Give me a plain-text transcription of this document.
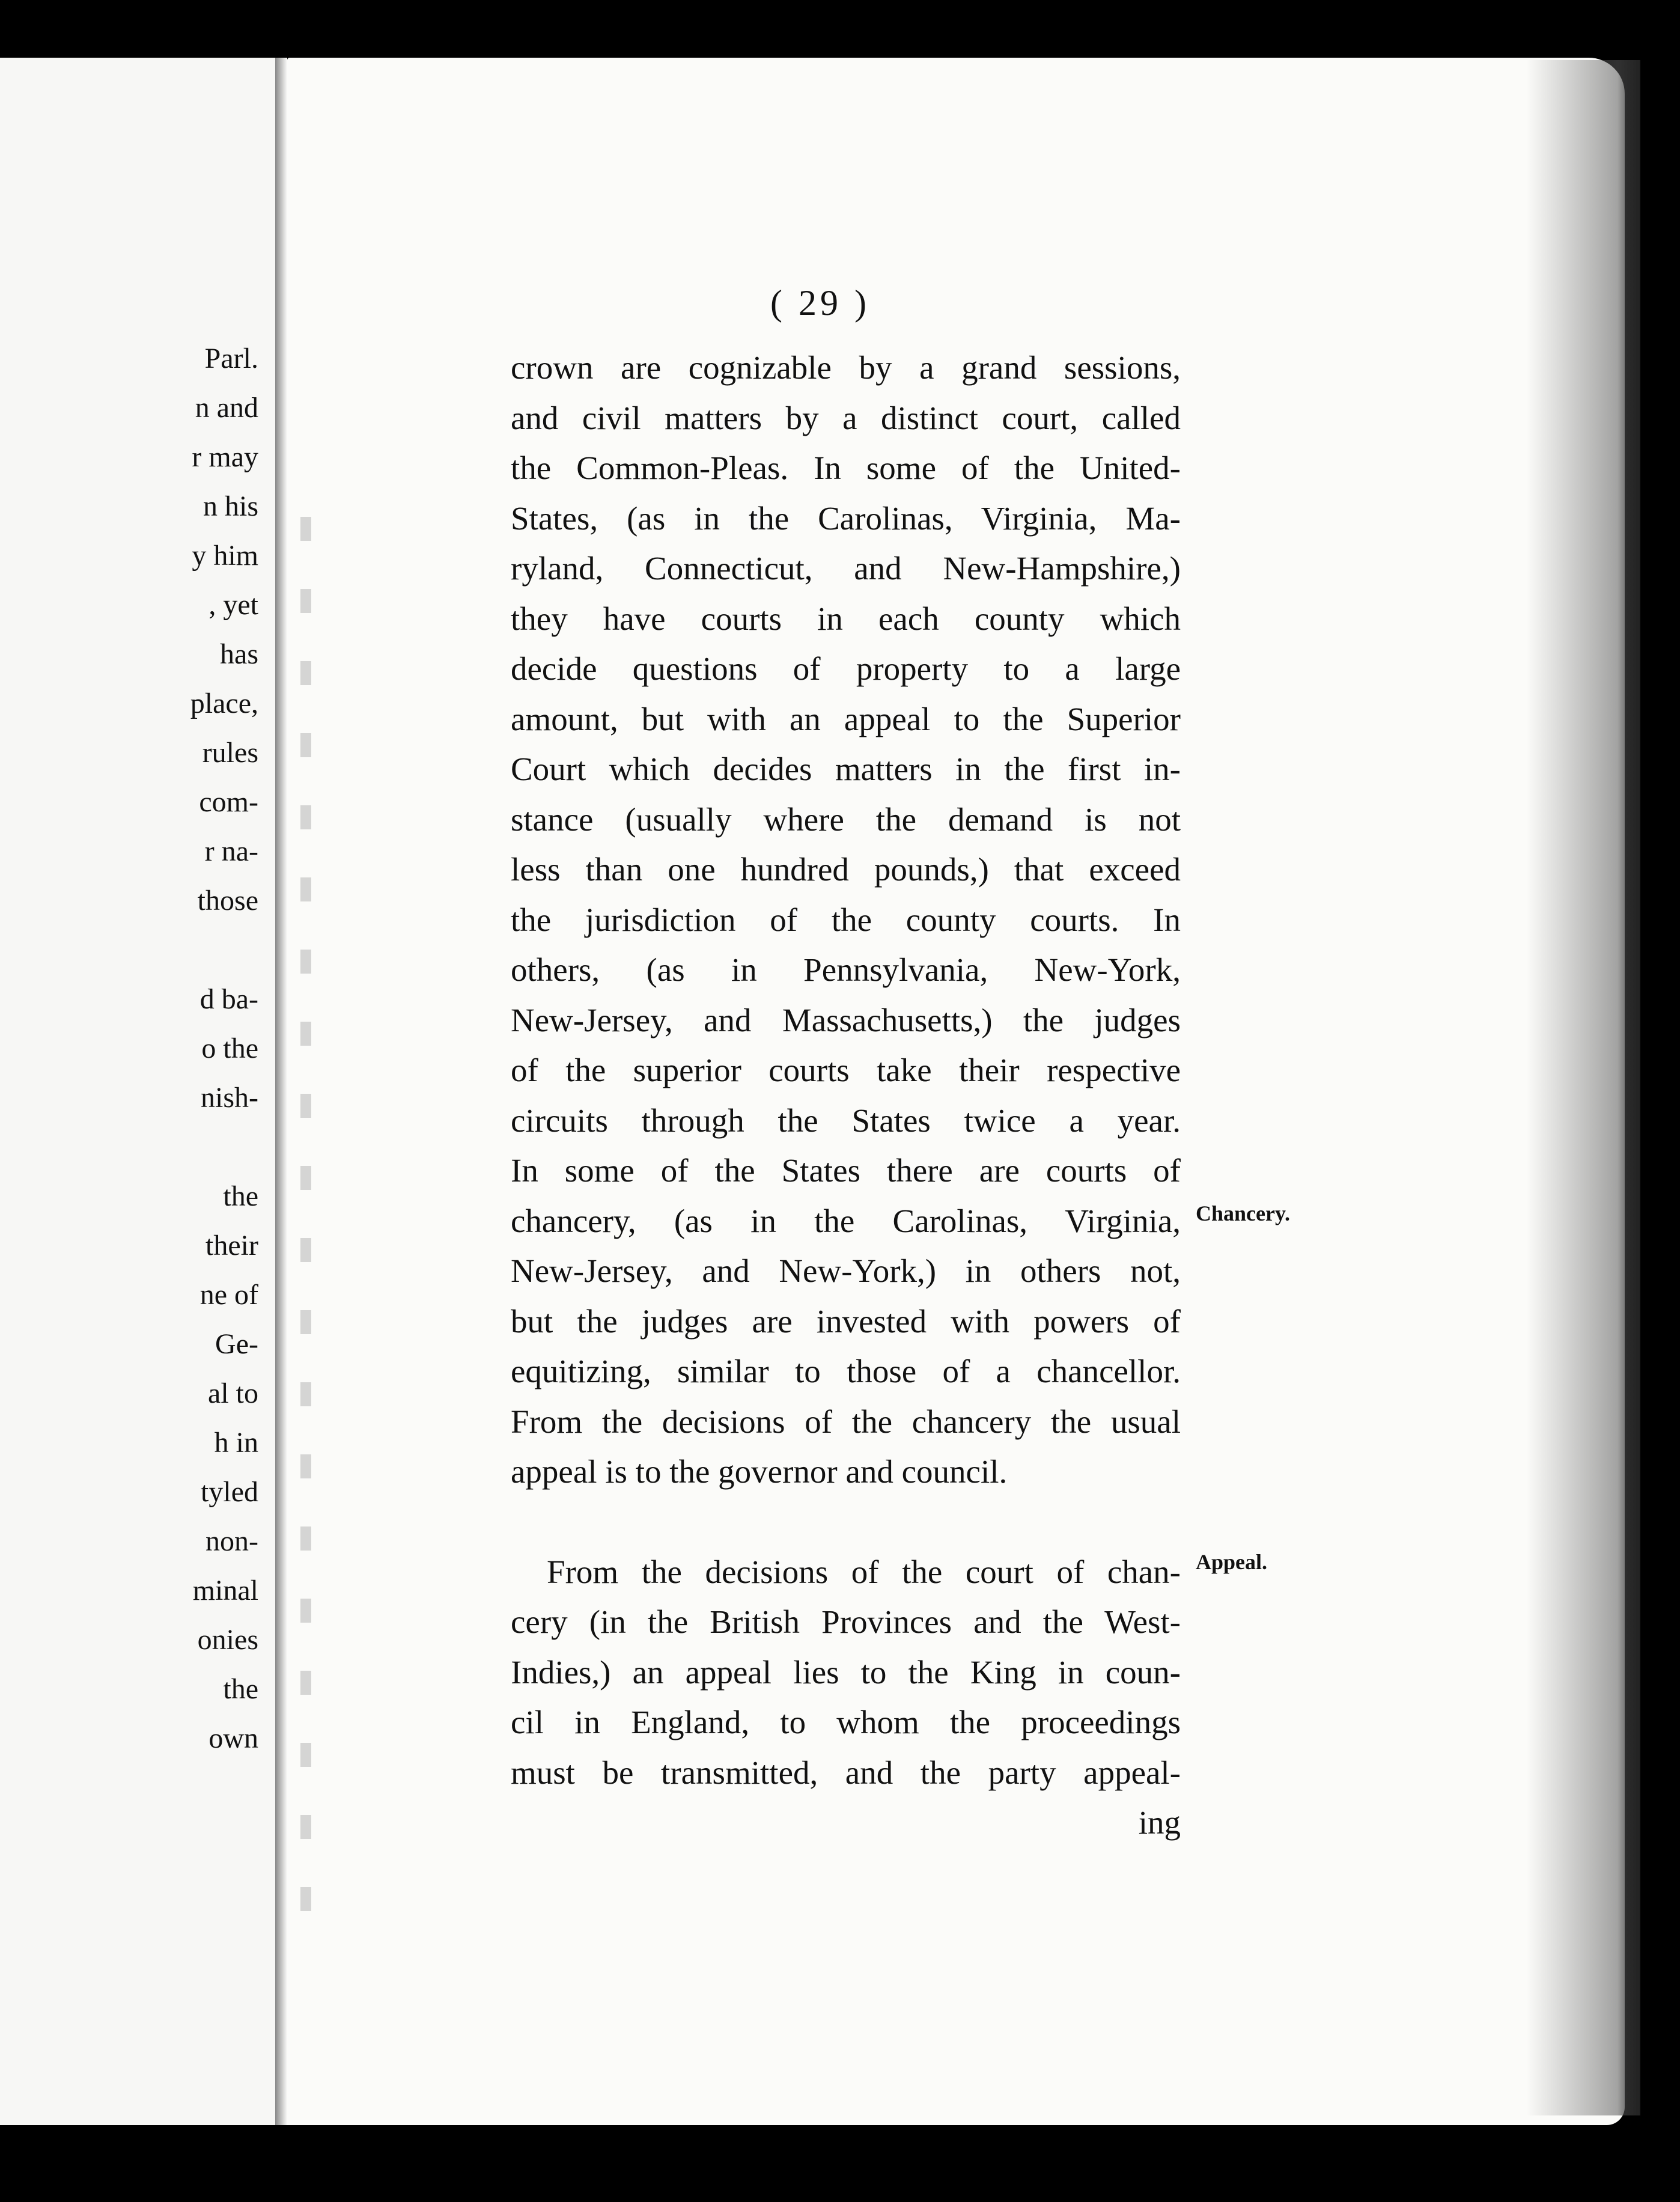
Parl.
n and
r may
n his
y him
, yet
has
place,
rules
com-
r na-
those
d ba-
o the
nish-
the
their
ne of
Ge-
al to
h in
tyled
non-
minal
onies
the
own
( 29 )
crown are cognizable by a grand sessions,
and civil matters by a distinct court, called
the Common-Pleas. In some of the United-
States, (as in the Carolinas, Virginia, Ma-
ryland, Connecticut, and New-Hampshire,)
they have courts in each county which
decide questions of property to a large
amount, but with an appeal to the Superior
Court which decides matters in the first in-
stance (usually where the demand is not
less than one hundred pounds,) that exceed
the jurisdiction of the county courts. In
others, (as in Pennsylvania, New-York,
New-Jersey, and Massachusetts,) the judges
of the superior courts take their respective
circuits through the States twice a year.
In some of the States there are courts of
chancery, (as in the Carolinas, Virginia,
New-Jersey, and New-York,) in others not,
but the judges are invested with powers of
equitizing, similar to those of a chancellor.
From the decisions of the chancery the usual
appeal is to the governor and council.
From the decisions of the court of chan-
cery (in the British Provinces and the West-
Indies,) an appeal lies to the King in coun-
cil in England, to whom the proceedings
must be transmitted, and the party appeal-
ing
Chancery.
Appeal.
